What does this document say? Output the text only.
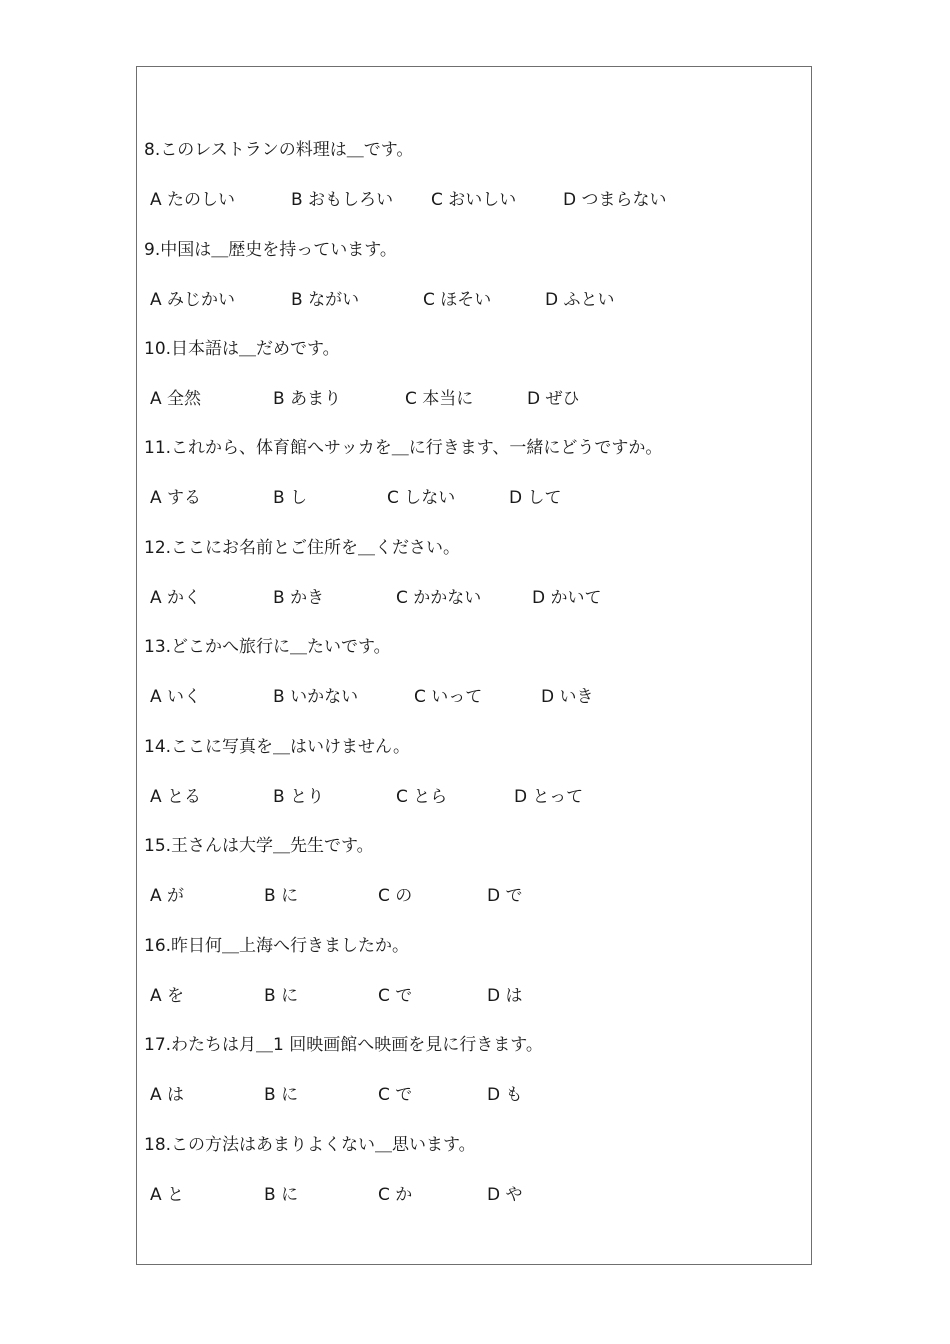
8.このレストランの料理は＿です。
A たのしい	B おもしろい C おいしい	D つまらない
9.中国は＿歴史を持っています。
A みじかい	B ながい	C ほそい	D ふとい
10.日本語は＿だめです。
A 全然	B あまり	C 本当に	D ぜひ
11.これから、体育館へサッカを＿に行きます、一緒にどうですか。
A する	B し	C しない	D して
12.ここにお名前とご住所を＿ください。
A かく	B かき	C かかない	D かいて
13.どこかへ旅行に＿たいです。
A いく	B いかない	C いって	D いき
14.ここに写真を＿はいけません。
A とる	B とり	C とら	D とって
15.王さんは大学＿先生です。
A が	B に	C の	D で
16.昨日何＿上海へ行きましたか。
A を	B に	C で	D は
17.わたちは月＿1 回映画館へ映画を見に行きます。
A は	B に	C で	D も
18.この方法はあまりよくない＿思います。
A と	B に	C か	D や
